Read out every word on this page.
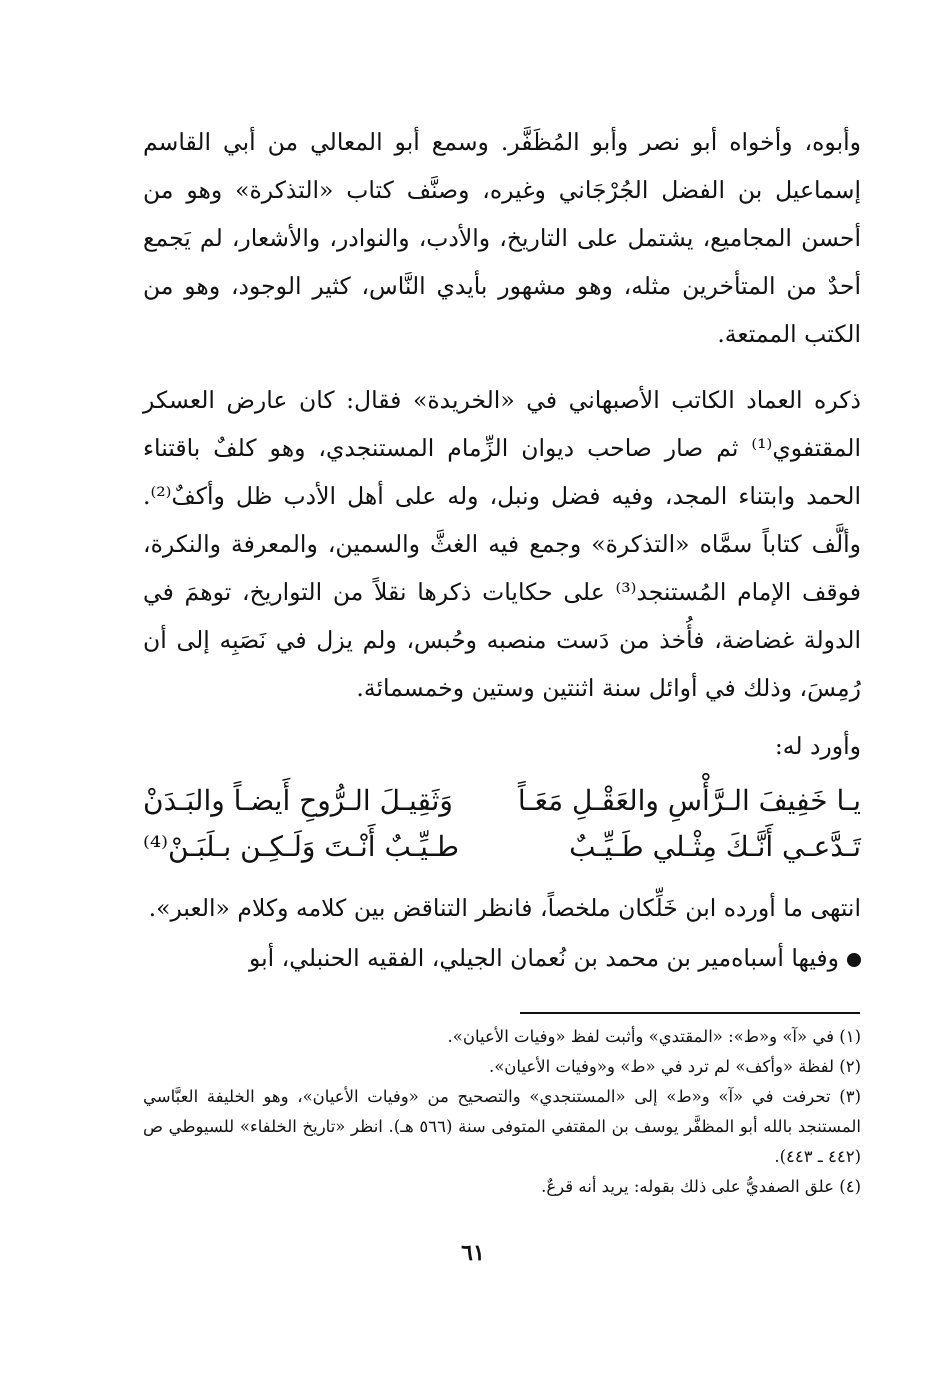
وأبوه، وأخواه أبو نصر وأبو المُظَفَّر. وسمع أبو المعالي من أبي القاسم إسماعيل بن الفضل الجُرْجَاني وغيره، وصنَّف كتاب «التذكرة» وهو من أحسن المجاميع، يشتمل على التاريخ، والأدب، والنوادر، والأشعار، لم يَجمع أحدٌ من المتأخرين مثله، وهو مشهور بأيدي النَّاس، كثير الوجود، وهو من الكتب الممتعة.

ذكره العماد الكاتب الأصبهاني في «الخريدة» فقال: كان عارض العسكر المقتفوي⁽¹⁾ ثم صار صاحب ديوان الزِّمام المستنجدي، وهو كلفٌ باقتناء الحمد وابتناء المجد، وفيه فضل ونبل، وله على أهل الأدب ظل وأكفٌ⁽²⁾. وألَّف كتاباً سمَّاه «التذكرة» وجمع فيه الغثَّ والسمين، والمعرفة والنكرة، فوقف الإمام المُستنجد⁽³⁾ على حكايات ذكرها نقلاً من التواريخ، توهمَ في الدولة غضاضة، فأُخذ من دَست منصبه وحُبس، ولم يزل في نَصَبِه إلى أن رُمِسَ، وذلك في أوائل سنة اثنتين وستين وخمسمائة.

وأورد له:

يـا خَفِيفَ الـرَّأْسِ والعَقْـلِ مَعَـاً
وَثَقِيـلَ الـرُّوحِ أَيضـاً والبَـدَنْ
تَـدَّعـي أَنَّـكَ مِثْـلي طَـيِّـبٌ
طـيِّـبٌ أَنْـتَ وَلَـكِـن بـلَبَـنْ⁽⁴⁾

انتهى ما أورده ابن خَلِّكان ملخصاً، فانظر التناقض بين كلامه وكلام «العبر».

وفيها أسباه‌مير بن محمد بن نُعمان الجيلي، الفقيه الحنبلي، أبو

(١) في «آ» و«ط»: «المقتدي» وأثبت لفظ «وفيات الأعيان».

(٢) لفظة «وأكف» لم ترد في «ط» و«وفيات الأعيان».

(٣) تحرفت في «آ» و«ط» إلى «المستنجدي» والتصحيح من «وفيات الأعيان»، وهو الخليفة العبَّاسي المستنجد بالله أبو المظفَّر يوسف بن المقتفي المتوفى سنة (٥٦٦ هـ). انظر «تاريخ الخلفاء» للسيوطي ص (٤٤٢ ـ ٤٤٣).

(٤) علق الصفديُّ على ذلك بقوله: يريد أنه قرعٌ.

٦١
